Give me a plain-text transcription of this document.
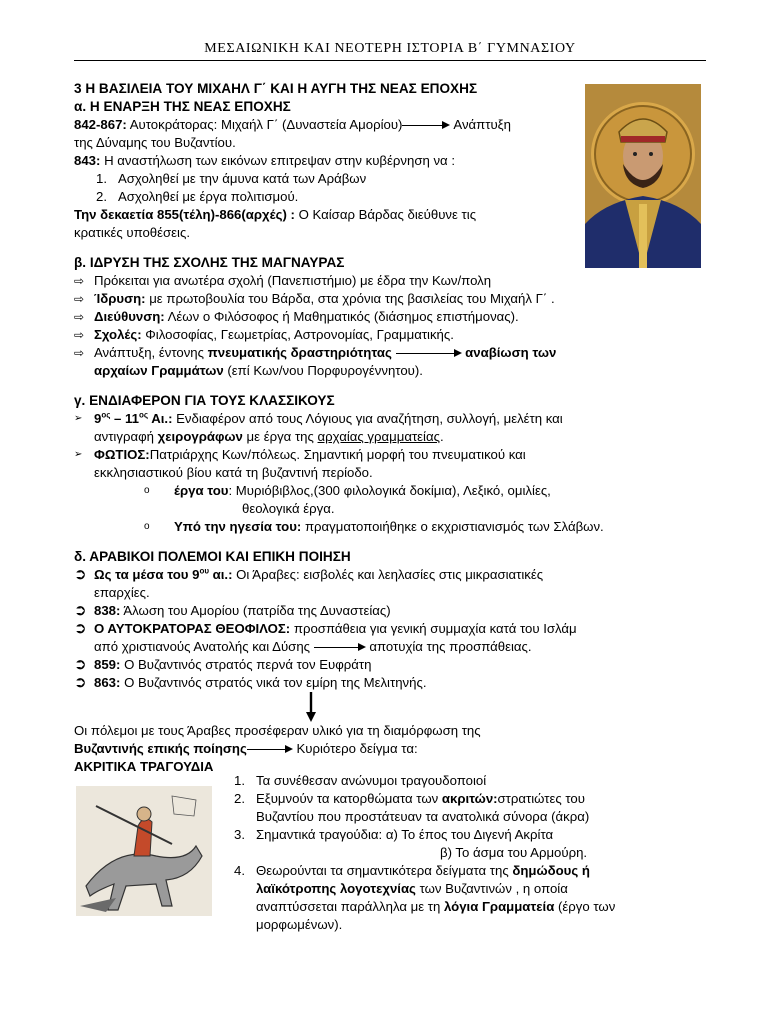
ΜΕΣΑΙΩΝΙΚΗ ΚΑΙ ΝΕΟΤΕΡΗ ΙΣΤΟΡΙΑ Β΄ ΓΥΜΝΑΣΙΟΥ
3 Η ΒΑΣΙΛΕΙΑ ΤΟΥ ΜΙΧΑΗΛ Γ΄ ΚΑΙ Η ΑΥΓΗ ΤΗΣ ΝΕΑΣ ΕΠΟΧΗΣ
α. Η ΕΝΑΡΞΗ ΤΗΣ ΝΕΑΣ ΕΠΟΧΗΣ

842-867: Αυτοκράτορας: Μιχαήλ Γ΄ (Δυναστεία Αμορίου)	Ανάπτυξη

της Δύναμης του Βυζαντίου.

843: Η αναστήλωση των εικόνων επιτρεψαν στην κυβέρνηση να :

1. Ασχοληθεί με την άμυνα κατά των Αράβων
2. Ασχοληθεί με έργα πολιτισμού.

Την δεκαετία 855(τέλη)-866(αρχές) : Ο Καίσαρ Βάρδας διεύθυνε τις

κρατικές υποθέσεις.

β. ΙΔΡΥΣΗ ΤΗΣ ΣΧΟΛΗΣ ΤΗΣ ΜΑΓΝΑΥΡΑΣ
⇨ Πρόκειται για ανωτέρα σχολή (Πανεπιστήμιο) με έδρα την Κων/πολη
⇨ Ίδρυση: με πρωτοβουλία του Βάρδα, στα χρόνια της βασιλείας του Μιχαήλ Γ΄ .
⇨ Διεύθυνση: Λέων ο Φιλόσοφος ή Μαθηματικός (διάσημος επιστήμονας).
⇨ Σχολές: Φιλοσοφίας, Γεωμετρίας, Αστρονομίας, Γραμματικής.
⇨ Ανάπτυξη, έντονης πνευματικής δραστηριότητας	αναβίωση των
αρχαίων Γραμμάτων (επί Κων/νου Πορφυρογέννητου).
γ. ΕΝΔΙΑΦΕΡΟΝ ΓΙΑ ΤΟΥΣ ΚΛΑΣΣΙΚΟΥΣ
➢ $9^{o\varsigma} - 11^{o\varsigma}$ Αι.: Ενδιαφέρον από τους Λόγιους για αναζήτηση, συλλογή, μελέτη και
αντιγραφή χειρογράφων με έργα της αρχαίας γραμματείας.
➢ ΦΩΤΙΟΣ:Πατριάρχης Κων/πόλεως. Σημαντική μορφή του πνευματικού και
εκκλησιαστικού βίου κατά τη βυζαντινή περίοδο.
o	έργα του: Μυριόβιβλος,(300 φιλολογικά δοκίμια), Λεξικό, ομιλίες,
θεολογικά έργα.
o	Υπό την ηγεσία του: πραγματοποιήθηκε ο εκχριστιανισμός των Σλάβων.
δ. ΑΡΑΒΙΚΟΙ ΠΟΛΕΜΟΙ ΚΑΙ ΕΠΙΚΗ ΠΟΙΗΣΗ
➲ Ως τα μέσα του $9^{o\upsilon}$ αι.: Οι Άραβες: εισβολές και λεηλασίες στις μικρασιατικές
επαρχίες.
➲ 838: Άλωση του Αμορίου (πατρίδα της Δυναστείας)
➲ Ο ΑΥΤΟΚΡΑΤΟΡΑΣ ΘΕΟΦΙΛΟΣ: προσπάθεια για γενική συμμαχία κατά του Ισλάμ
από χριστιανούς Ανατολής και Δύσης	αποτυχία της προσπάθειας.
➲ 859: Ο Βυζαντινός στρατός περνά τον Ευφράτη
➲ 863: Ο Βυζαντινός στρατός νικά τον εμίρη της Μελιτηνής.

Οι πόλεμοι με τους Άραβες προσέφεραν υλικό για τη διαμόρφωση της

Βυζαντινής επικής ποίησης	Κυριότερο δείγμα τα:

ΑΚΡΙΤΙΚΑ ΤΡΑΓΟΥΔΙΑ

1. Τα συνέθεσαν ανώνυμοι τραγουδοποιοί
2. Εξυμνούν τα κατορθώματα των ακριτών:στρατιώτες του
Βυζαντίου που προστάτευαν τα ανατολικά σύνορα (άκρα)
3. Σημαντικά τραγούδια: α) Το έπος του Διγενή Ακρίτα
β) Το άσμα του Αρμούρη.
4. Θεωρούνται τα σημαντικότερα δείγματα της δημώδους ή
λαϊκότροπης λογοτεχνίας των Βυζαντινών , η οποία
αναπτύσσεται παράλληλα με τη λόγια Γραμματεία (έργο των
μορφωμένων).
